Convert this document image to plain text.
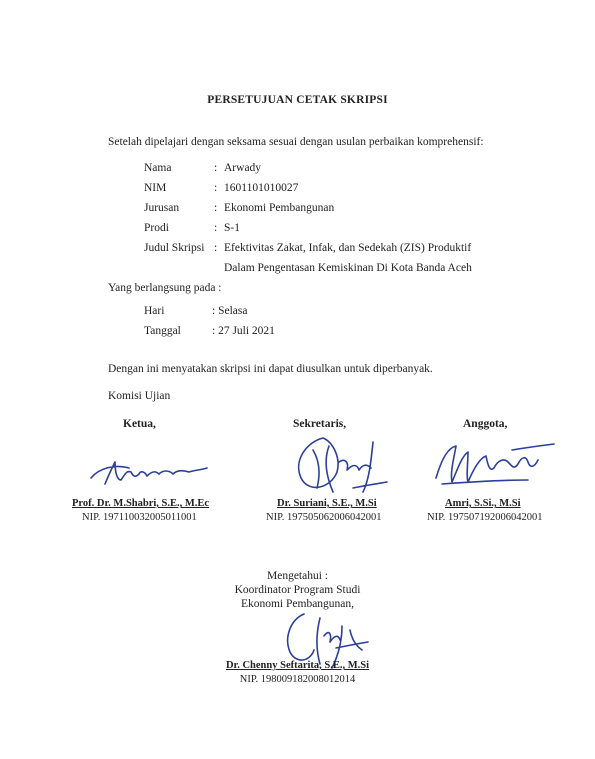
PERSETUJUAN CETAK SKRIPSI
Setelah dipelajari dengan seksama sesuai dengan usulan perbaikan komprehensif:
Nama	: Arwady
NIM	: 1601101010027
Jurusan	: Ekonomi Pembangunan
Prodi	: S-1
Judul Skripsi : Efektivitas Zakat, Infak, dan Sedekah (ZIS) Produktif
Dalam Pengentasan Kemiskinan Di Kota Banda Aceh
Yang berlangsung pada :
Hari	: Selasa
Tanggal	: 27 Juli 2021
Dengan ini menyatakan skripsi ini dapat diusulkan untuk diperbanyak.
Komisi Ujian
Ketua,	Sekretaris,	Anggota,
Prof. Dr. M.Shabri, S.E., M.Ec
NIP. 197110032005011001
Dr. Suriani, S.E., M.Si
NIP. 197505062006042001
Amri, S.Si., M.Si
NIP. 197507192006042001
Mengetahui :
Koordinator Program Studi
Ekonomi Pembangunan,
Dr. Chenny Seftarita, S.E., M.Si
NIP. 198009182008012014
